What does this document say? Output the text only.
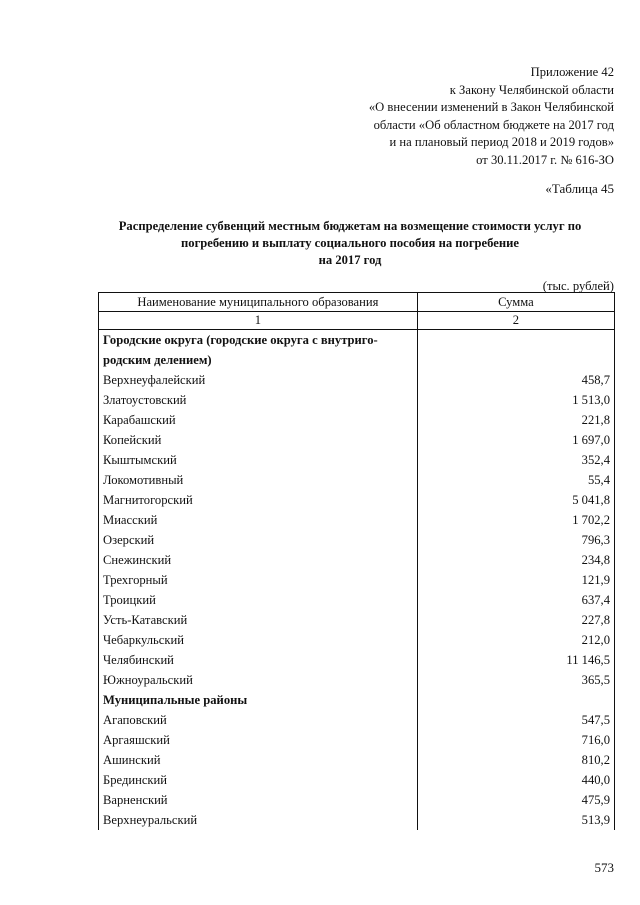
Приложение 42
к Закону Челябинской области
«О внесении изменений в Закон Челябинской
области «Об областном бюджете на 2017 год
и на плановый период 2018 и 2019 годов»
от 30.11.2017 г. № 616-ЗО
«Таблица 45
Распределение субвенций местным бюджетам на возмещение стоимости услуг по
погребению и выплату социального пособия на погребение
на 2017 год
(тыс. рублей)
Наименование муниципального образования	Сумма
1	2

Городские округа (городские округа с внутриго-
родским делением)	

Верхнеуфалейский	458,7
Златоустовский	1 513,0
Карабашский	221,8
Копейский	1 697,0
Кыштымский	352,4
Локомотивный	55,4
Магнитогорский	5 041,8
Миасский	1 702,2
Озерский	796,3
Снежинский	234,8
Трехгорный	121,9
Троицкий	637,4
Усть-Катавский	227,8
Чебаркульский	212,0
Челябинский	11 146,5
Южноуральский	365,5
Муниципальные районы	
Агаповский	547,5
Аргаяшский	716,0
Ашинский	810,2
Брединский	440,0
Варненский	475,9
Верхнеуральский	513,9
573
